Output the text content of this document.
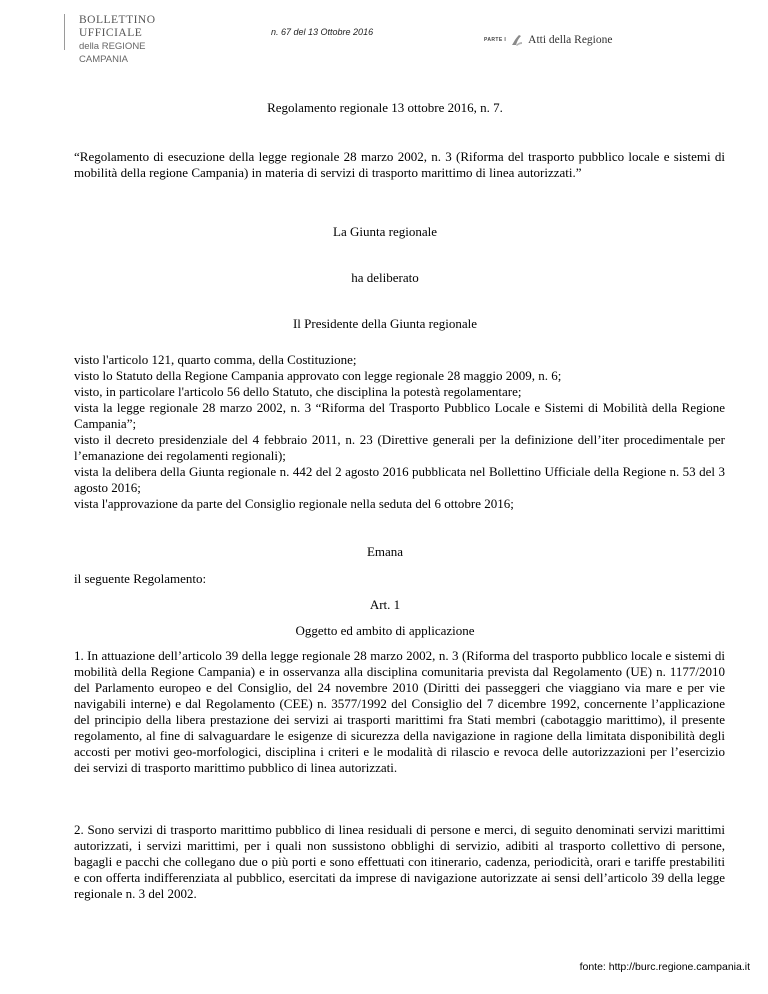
BOLLETTINO UFFICIALE
della REGIONE CAMPANIA
n. 67 del 13 Ottobre 2016
PARTE I Atti della Regione
Regolamento regionale 13 ottobre 2016, n. 7.

“Regolamento di esecuzione della legge regionale 28 marzo 2002, n. 3 (Riforma del trasporto pubblico locale e sistemi di mobilità della regione Campania) in materia di servizi di trasporto marittimo di linea autorizzati.”

La Giunta regionale
ha deliberato
Il Presidente della Giunta regionale
visto l'articolo 121, quarto comma, della Costituzione;
visto lo Statuto della Regione Campania approvato con legge regionale 28 maggio 2009, n. 6;
visto, in particolare l'articolo 56 dello Statuto, che disciplina la potestà regolamentare;
vista la legge regionale 28 marzo 2002, n. 3 “Riforma del Trasporto Pubblico Locale e Sistemi di Mobilità della Regione Campania”;
visto il decreto presidenziale del 4 febbraio 2011, n. 23 (Direttive generali per la definizione dell’iter procedimentale per l’emanazione dei regolamenti regionali);
vista la delibera della Giunta regionale n. 442 del 2 agosto 2016 pubblicata nel Bollettino Ufficiale della Regione n. 53 del 3 agosto 2016;
vista l'approvazione da parte del Consiglio regionale nella seduta del 6 ottobre 2016;
Emana
il seguente Regolamento:
Art. 1
Oggetto ed ambito di applicazione

1. In attuazione dell’articolo 39 della legge regionale 28 marzo 2002, n. 3 (Riforma del trasporto pubblico locale e sistemi di mobilità della Regione Campania) e in osservanza alla disciplina comunitaria prevista dal Regolamento (UE) n. 1177/2010 del Parlamento europeo e del Consiglio, del 24 novembre 2010 (Diritti dei passeggeri che viaggiano via mare e per vie navigabili interne) e dal Regolamento (CEE) n. 3577/1992 del Consiglio del 7 dicembre 1992, concernente l’applicazione del principio della libera prestazione dei servizi ai trasporti marittimi fra Stati membri (cabotaggio marittimo), il presente regolamento, al fine di salvaguardare le esigenze di sicurezza della navigazione in ragione della limitata disponibilità degli accosti per motivi geo-morfologici, disciplina i criteri e le modalità di rilascio e revoca delle autorizzazioni per l’esercizio dei servizi di trasporto marittimo pubblico di linea autorizzati.

2. Sono servizi di trasporto marittimo pubblico di linea residuali di persone e merci, di seguito denominati servizi marittimi autorizzati, i servizi marittimi, per i quali non sussistono obblighi di servizio, adibiti al trasporto collettivo di persone, bagagli e pacchi che collegano due o più porti e sono effettuati con itinerario, cadenza, periodicità, orari e tariffe prestabiliti e con offerta indifferenziata al pubblico, esercitati da imprese di navigazione autorizzate ai sensi dell’articolo 39 della legge regionale n. 3 del 2002.

fonte: http://burc.regione.campania.it
